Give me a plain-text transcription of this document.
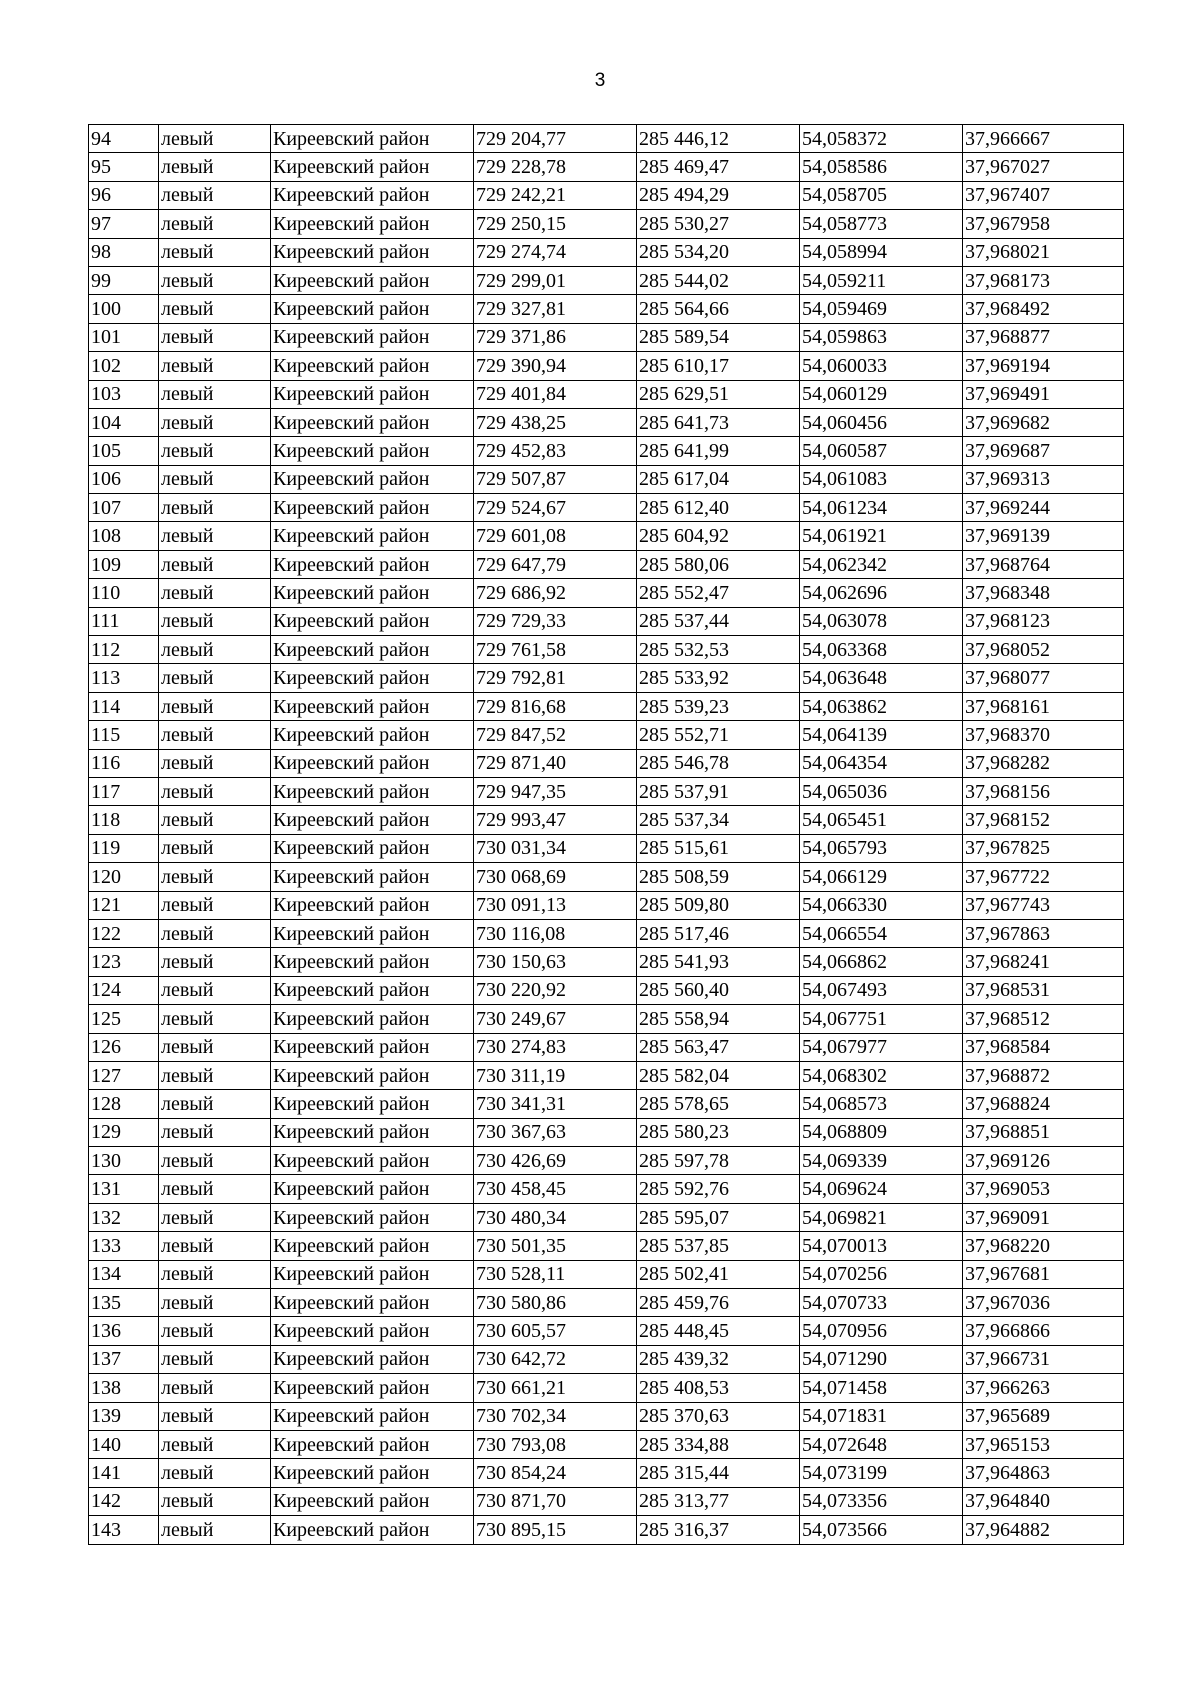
3
94	левый	Киреевский район	729 204,77	285 446,12	54,058372	37,966667
95	левый	Киреевский район	729 228,78	285 469,47	54,058586	37,967027
96	левый	Киреевский район	729 242,21	285 494,29	54,058705	37,967407
97	левый	Киреевский район	729 250,15	285 530,27	54,058773	37,967958
98	левый	Киреевский район	729 274,74	285 534,20	54,058994	37,968021
99	левый	Киреевский район	729 299,01	285 544,02	54,059211	37,968173
100	левый	Киреевский район	729 327,81	285 564,66	54,059469	37,968492
101	левый	Киреевский район	729 371,86	285 589,54	54,059863	37,968877
102	левый	Киреевский район	729 390,94	285 610,17	54,060033	37,969194
103	левый	Киреевский район	729 401,84	285 629,51	54,060129	37,969491
104	левый	Киреевский район	729 438,25	285 641,73	54,060456	37,969682
105	левый	Киреевский район	729 452,83	285 641,99	54,060587	37,969687
106	левый	Киреевский район	729 507,87	285 617,04	54,061083	37,969313
107	левый	Киреевский район	729 524,67	285 612,40	54,061234	37,969244
108	левый	Киреевский район	729 601,08	285 604,92	54,061921	37,969139
109	левый	Киреевский район	729 647,79	285 580,06	54,062342	37,968764
110	левый	Киреевский район	729 686,92	285 552,47	54,062696	37,968348
111	левый	Киреевский район	729 729,33	285 537,44	54,063078	37,968123
112	левый	Киреевский район	729 761,58	285 532,53	54,063368	37,968052
113	левый	Киреевский район	729 792,81	285 533,92	54,063648	37,968077
114	левый	Киреевский район	729 816,68	285 539,23	54,063862	37,968161
115	левый	Киреевский район	729 847,52	285 552,71	54,064139	37,968370
116	левый	Киреевский район	729 871,40	285 546,78	54,064354	37,968282
117	левый	Киреевский район	729 947,35	285 537,91	54,065036	37,968156
118	левый	Киреевский район	729 993,47	285 537,34	54,065451	37,968152
119	левый	Киреевский район	730 031,34	285 515,61	54,065793	37,967825
120	левый	Киреевский район	730 068,69	285 508,59	54,066129	37,967722
121	левый	Киреевский район	730 091,13	285 509,80	54,066330	37,967743
122	левый	Киреевский район	730 116,08	285 517,46	54,066554	37,967863
123	левый	Киреевский район	730 150,63	285 541,93	54,066862	37,968241
124	левый	Киреевский район	730 220,92	285 560,40	54,067493	37,968531
125	левый	Киреевский район	730 249,67	285 558,94	54,067751	37,968512
126	левый	Киреевский район	730 274,83	285 563,47	54,067977	37,968584
127	левый	Киреевский район	730 311,19	285 582,04	54,068302	37,968872
128	левый	Киреевский район	730 341,31	285 578,65	54,068573	37,968824
129	левый	Киреевский район	730 367,63	285 580,23	54,068809	37,968851
130	левый	Киреевский район	730 426,69	285 597,78	54,069339	37,969126
131	левый	Киреевский район	730 458,45	285 592,76	54,069624	37,969053
132	левый	Киреевский район	730 480,34	285 595,07	54,069821	37,969091
133	левый	Киреевский район	730 501,35	285 537,85	54,070013	37,968220
134	левый	Киреевский район	730 528,11	285 502,41	54,070256	37,967681
135	левый	Киреевский район	730 580,86	285 459,76	54,070733	37,967036
136	левый	Киреевский район	730 605,57	285 448,45	54,070956	37,966866
137	левый	Киреевский район	730 642,72	285 439,32	54,071290	37,966731
138	левый	Киреевский район	730 661,21	285 408,53	54,071458	37,966263
139	левый	Киреевский район	730 702,34	285 370,63	54,071831	37,965689
140	левый	Киреевский район	730 793,08	285 334,88	54,072648	37,965153
141	левый	Киреевский район	730 854,24	285 315,44	54,073199	37,964863
142	левый	Киреевский район	730 871,70	285 313,77	54,073356	37,964840
143	левый	Киреевский район	730 895,15	285 316,37	54,073566	37,964882
